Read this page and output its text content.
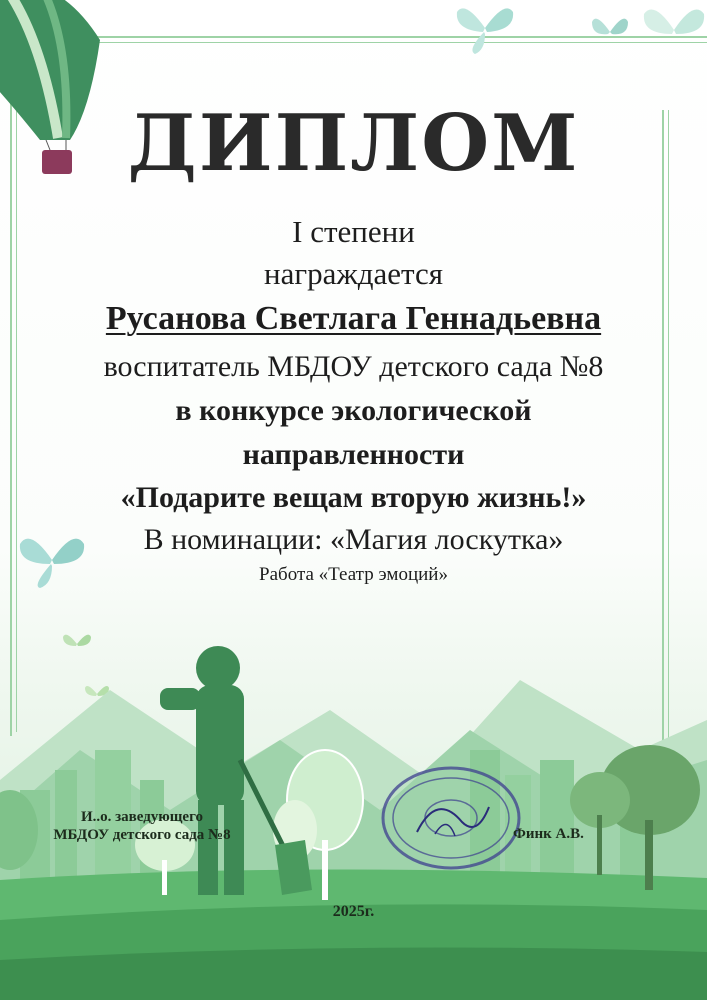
ДИПЛОМ
I степени
награждается
Русанова Светлага Геннадьевна
воспитатель МБДОУ детского сада №8
в конкурсе экологической
направленности
«Подарите вещам вторую жизнь!»
В номинации: «Магия лоскутка»
Работа «Театр эмоций»
И..о. заведующего
МБДОУ детского сада №8	Финк А.В.
2025г.
